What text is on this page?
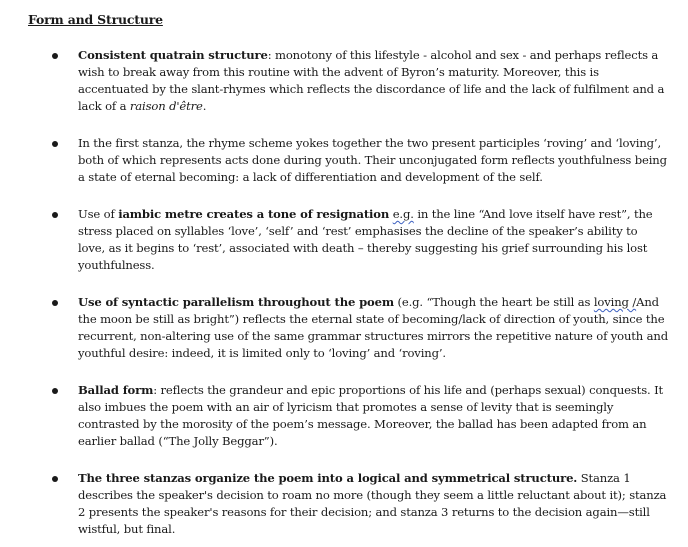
Form and Structure
Consistent quatrain structure: monotony of this lifestyle - alcohol and sex - and perhaps reflects a wish to break away from this routine with the advent of Byron’s maturity. Moreover, this is accentuated by the slant-rhymes which reflects the discordance of life and the lack of fulfilment and a lack of a raison d'être.
In the first stanza, the rhyme scheme yokes together the two present participles ‘roving’ and ‘loving’, both of which represents acts done during youth. Their unconjugated form reflects youthfulness being a state of eternal becoming: a lack of differentiation and development of the self.
Use of iambic metre creates a tone of resignation e.g. in the line “And love itself have rest”, the stress placed on syllables ‘love’, ‘self’ and ‘rest’ emphasises the decline of the speaker’s ability to love, as it begins to ‘rest’, associated with death – thereby suggesting his grief surrounding his lost youthfulness.
Use of syntactic parallelism throughout the poem (e.g. “Though the heart be still as loving /And the moon be still as bright”) reflects the eternal state of becoming/lack of direction of youth, since the recurrent, non-altering use of the same grammar structures mirrors the repetitive nature of youth and youthful desire: indeed, it is limited only to ‘loving’ and ‘roving’.
Ballad form: reflects the grandeur and epic proportions of his life and (perhaps sexual) conquests. It also imbues the poem with an air of lyricism that promotes a sense of levity that is seemingly contrasted by the morosity of the poem’s message. Moreover, the ballad has been adapted from an earlier ballad (“The Jolly Beggar”).
The three stanzas organize the poem into a logical and symmetrical structure. Stanza 1 describes the speaker's decision to roam no more (though they seem a little reluctant about it); stanza 2 presents the speaker's reasons for their decision; and stanza 3 returns to the decision again—still wistful, but final.
